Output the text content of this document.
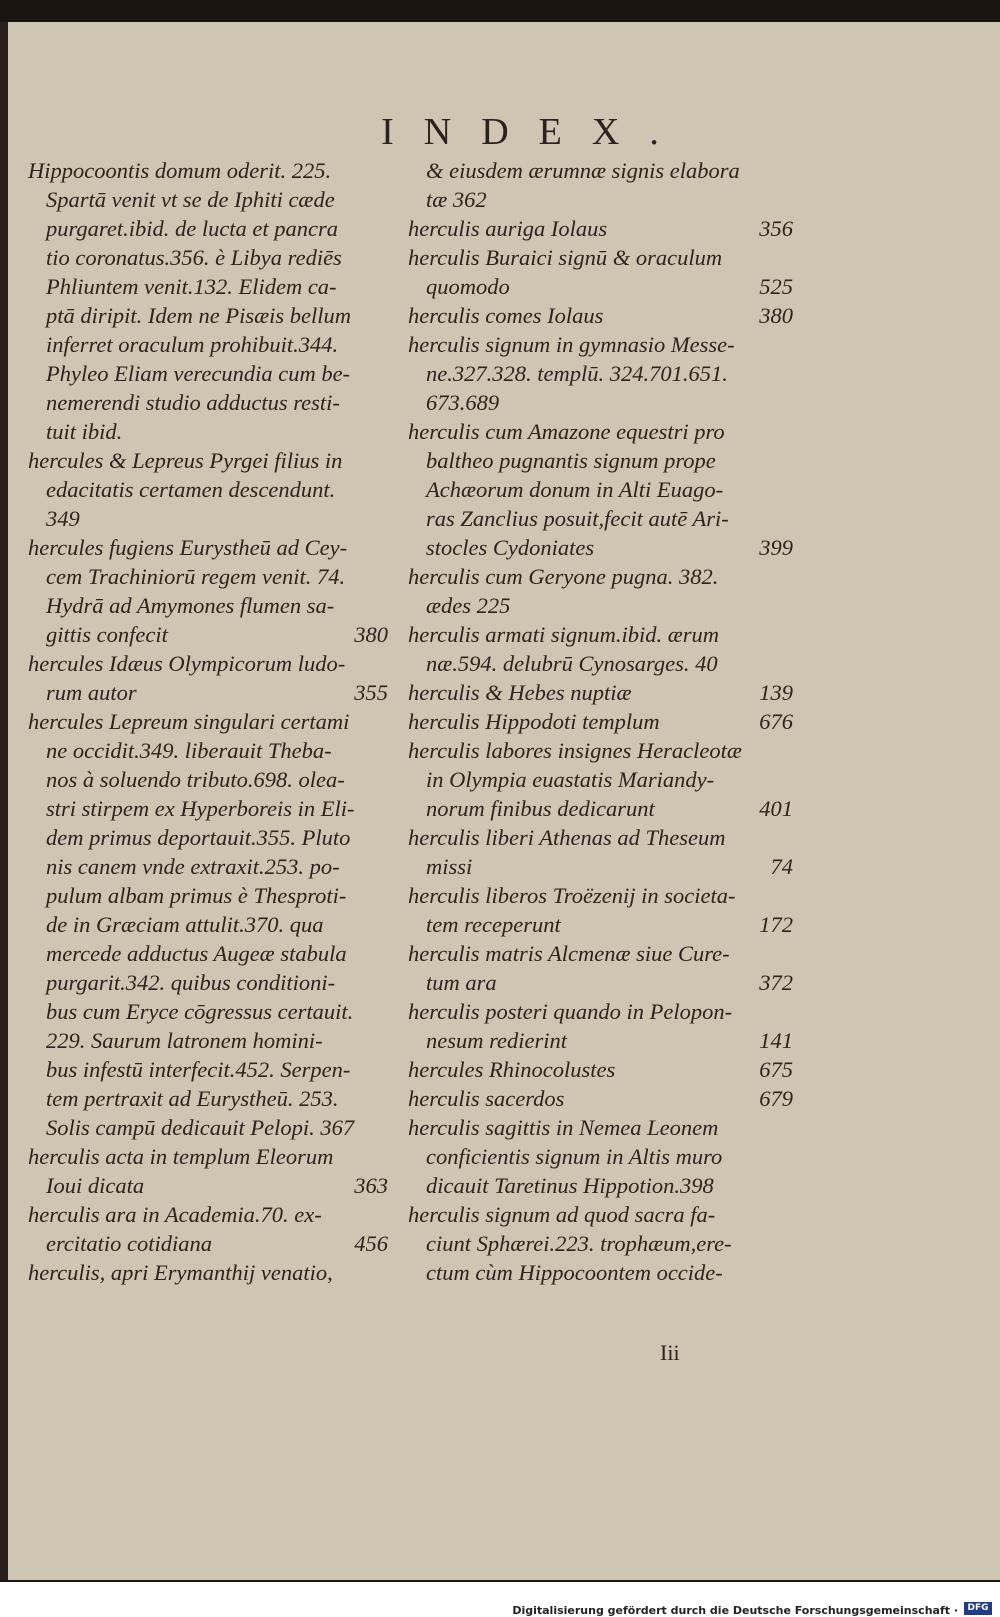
INDEX.
Hippocoontis domum oderit. 225.
Spartā venit vt se de Iphiti cæde
purgaret.ibid. de lucta et pancra
tio coronatus.356. è Libya rediēs
Phliuntem venit.132. Elidem ca-
ptā diripit. Idem ne Pisæis bellum
inferret oraculum prohibuit.344.
Phyleo Eliam verecundia cum be-
nemerendi studio adductus resti-
tuit ibid.
hercules & Lepreus Pyrgei filius in
edacitatis certamen descendunt.
349
hercules fugiens Eurystheū ad Cey-
cem Trachiniorū regem venit. 74.
Hydrā ad Amymones flumen sa-
gittis confecit	380
hercules Idæus Olympicorum ludo-
rum autor	355
hercules Lepreum singulari certami
ne occidit.349. liberauit Theba-
nos à soluendo tributo.698. olea-
stri stirpem ex Hyperboreis in Eli-
dem primus deportauit.355. Pluto
nis canem vnde extraxit.253. po-
pulum albam primus è Thesproti-
de in Græciam attulit.370. qua
mercede adductus Augeæ stabula
purgarit.342. quibus conditioni-
bus cum Eryce cōgressus certauit.
229. Saurum latronem homini-
bus infestū interfecit.452. Serpen-
tem pertraxit ad Eurystheū. 253.
Solis campū dedicauit Pelopi. 367
herculis acta in templum Eleorum
Ioui dicata	363
herculis ara in Academia.70. ex-
ercitatio cotidiana	456
herculis, apri Erymanthij venatio,
& eiusdem ærumnæ signis elabora
tæ 362
herculis auriga Iolaus	356
herculis Buraici signū & oraculum
quomodo	525
herculis comes Iolaus	380
herculis signum in gymnasio Messe-
ne.327.328. templū. 324.701.651.
673.689
herculis cum Amazone equestri pro
baltheo pugnantis signum prope
Achæorum donum in Alti Euago-
ras Zanclius posuit,fecit autē Ari-
stocles Cydoniates	399
herculis cum Geryone pugna. 382.
ædes 225
herculis armati signum.ibid. ærum
næ.594. delubrū Cynosarges. 40
herculis & Hebes nuptiæ	139
herculis Hippodoti templum	676
herculis labores insignes Heracleotæ
in Olympia euastatis Mariandy-
norum finibus dedicarunt	401
herculis liberi Athenas ad Theseum
missi	74
herculis liberos Troëzenij in societa-
tem receperunt	172
herculis matris Alcmenæ siue Cure-
tum ara	372
herculis posteri quando in Pelopon-
nesum redierint	141
hercules Rhinocolustes	675
herculis sacerdos	679
herculis sagittis in Nemea Leonem
conficientis signum in Altis muro
dicauit Taretinus Hippotion.398
herculis signum ad quod sacra fa-
ciunt Sphærei.223. trophæum,ere-
ctum cùm Hippocoontem occide-
Iii
Digitalisierung gefördert durch die Deutsche Forschungsgemeinschaft ·	DFG
